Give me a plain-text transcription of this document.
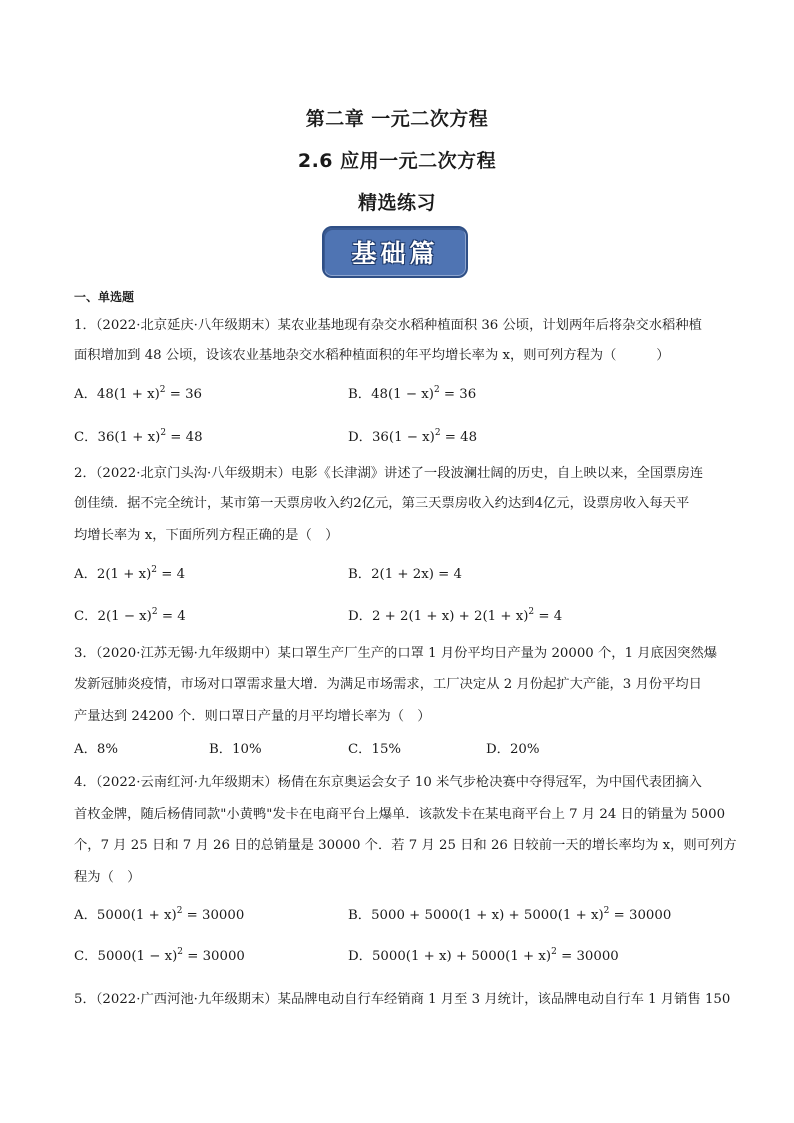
第二章 一元二次方程
2.6 应用一元二次方程
精选练习
基础篇
一、单选题
1．（2022·北京延庆·八年级期末）某农业基地现有杂交水稻种植面积 36 公顷，计划两年后将杂交水稻种植
面积增加到 48 公顷，设该农业基地杂交水稻种植面积的年平均增长率为 x，则可列方程为（　　　）
A．$48(1 + x)^2 = 36$	B．$48(1 - x)^2 = 36$
C．$36(1 + x)^2 = 48$	D．$36(1 - x)^2 = 48$
2．（2022·北京门头沟·八年级期末）电影《长津湖》讲述了一段波澜壮阔的历史，自上映以来，全国票房连
创佳绩．据不完全统计，某市第一天票房收入约2亿元，第三天票房收入约达到4亿元，设票房收入每天平
均增长率为 x，下面所列方程正确的是（　）
A．$2(1 + x)^2 = 4$	B．2(1 + 2x) = 4
C．$2(1 - x)^2 = 4$	D．$2 + 2(1 + x) + 2(1 + x)^2 = 4$
3．（2020·江苏无锡·九年级期中）某口罩生产厂生产的口罩 1 月份平均日产量为 20000 个，1 月底因突然爆
发新冠肺炎疫情，市场对口罩需求量大增．为满足市场需求，工厂决定从 2 月份起扩大产能，3 月份平均日
产量达到 24200 个．则口罩日产量的月平均增长率为（　）
A．8%	B．10%	C．15%	D．20%
4．（2022·云南红河·九年级期末）杨倩在东京奥运会女子 10 米气步枪决赛中夺得冠军，为中国代表团摘入
首枚金牌，随后杨倩同款"小黄鸭"发卡在电商平台上爆单．该款发卡在某电商平台上 7 月 24 日的销量为 5000
个，7 月 25 日和 7 月 26 日的总销量是 30000 个．若 7 月 25 日和 26 日较前一天的增长率均为 x，则可列方
程为（　）
A．$5000(1 + x)^2 = 30000$	B．$5000 + 5000(1 + x) + 5000(1 + x)^2 = 30000$
C．$5000(1 - x)^2 = 30000$	D．$5000(1 + x) + 5000(1 + x)^2 = 30000$
5．（2022·广西河池·九年级期末）某品牌电动自行车经销商 1 月至 3 月统计，该品牌电动自行车 1 月销售 150
